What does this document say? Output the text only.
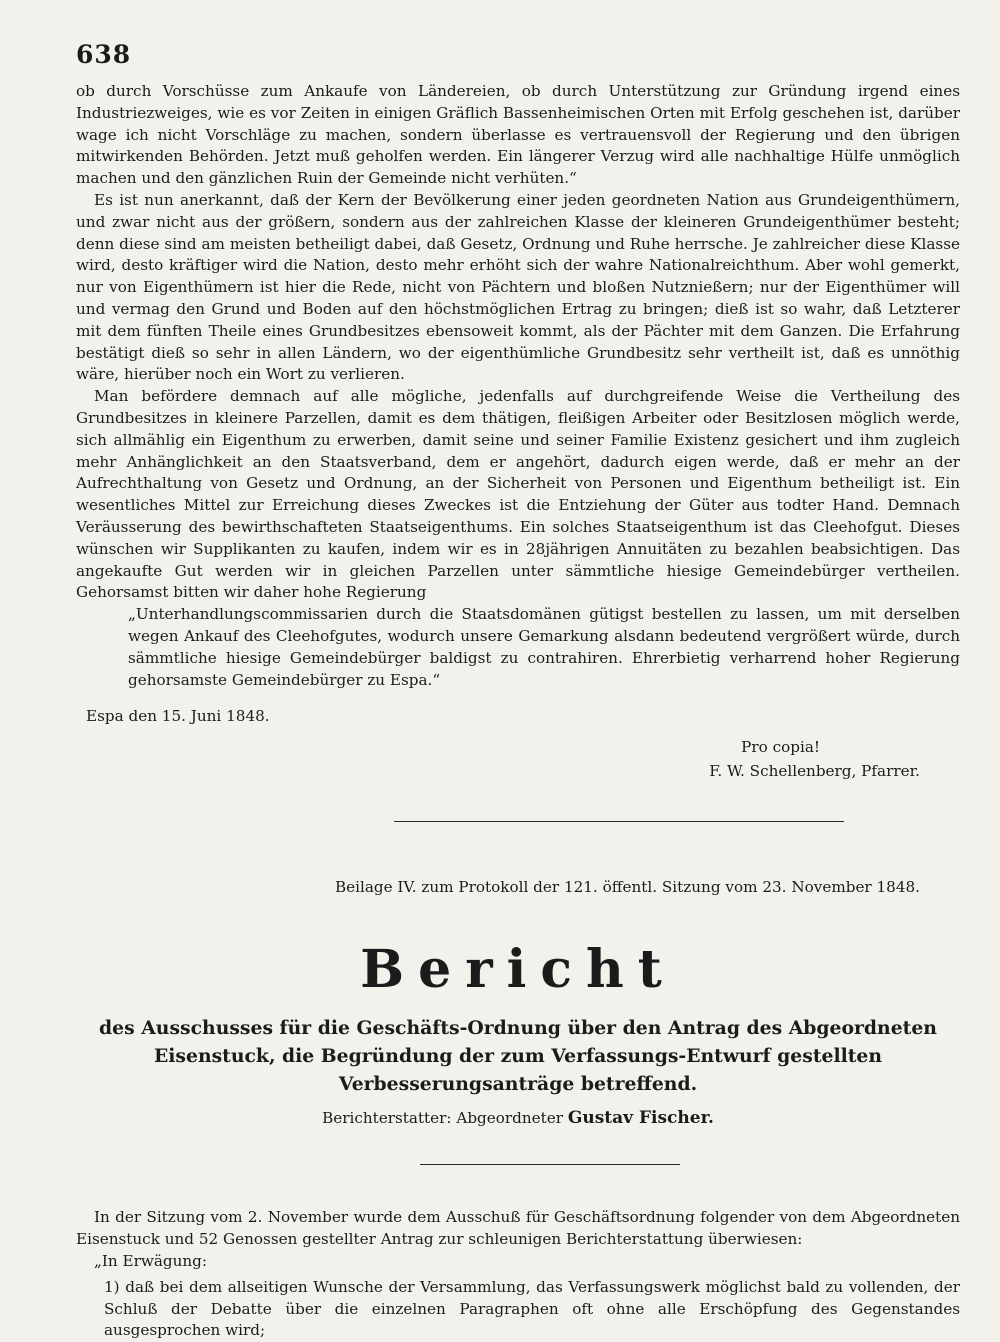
638

ob durch Vorschüsse zum Ankaufe von Ländereien, ob durch Unterstützung zur Gründung irgend eines Industriezweiges, wie es vor Zeiten in einigen Gräflich Bassenheimischen Orten mit Erfolg geschehen ist, darüber wage ich nicht Vorschläge zu machen, sondern überlasse es vertrauensvoll der Regierung und den übrigen mitwirkenden Behörden. Jetzt muß geholfen werden. Ein längerer Verzug wird alle nachhaltige Hülfe unmöglich machen und den gänzlichen Ruin der Gemeinde nicht verhüten.“

Es ist nun anerkannt, daß der Kern der Bevölkerung einer jeden geordneten Nation aus Grundeigenthümern, und zwar nicht aus der größern, sondern aus der zahlreichen Klasse der kleineren Grundeigenthümer besteht; denn diese sind am meisten betheiligt dabei, daß Gesetz, Ordnung und Ruhe herrsche. Je zahlreicher diese Klasse wird, desto kräftiger wird die Nation, desto mehr erhöht sich der wahre Nationalreichthum. Aber wohl gemerkt, nur von Eigenthümern ist hier die Rede, nicht von Pächtern und bloßen Nutznießern; nur der Eigenthümer will und vermag den Grund und Boden auf den höchstmöglichen Ertrag zu bringen; dieß ist so wahr, daß Letzterer mit dem fünften Theile eines Grundbesitzes ebensoweit kommt, als der Pächter mit dem Ganzen. Die Erfahrung bestätigt dieß so sehr in allen Ländern, wo der eigenthümliche Grundbesitz sehr vertheilt ist, daß es unnöthig wäre, hierüber noch ein Wort zu verlieren.

Man befördere demnach auf alle mögliche, jedenfalls auf durchgreifende Weise die Vertheilung des Grundbesitzes in kleinere Parzellen, damit es dem thätigen, fleißigen Arbeiter oder Besitzlosen möglich werde, sich allmählig ein Eigenthum zu erwerben, damit seine und seiner Familie Existenz gesichert und ihm zugleich mehr Anhänglichkeit an den Staatsverband, dem er angehört, dadurch eigen werde, daß er mehr an der Aufrechthaltung von Gesetz und Ordnung, an der Sicherheit von Personen und Eigenthum betheiligt ist. Ein wesentliches Mittel zur Erreichung dieses Zweckes ist die Entziehung der Güter aus todter Hand. Demnach Veräusserung des bewirthschafteten Staatseigenthums. Ein solches Staatseigenthum ist das Cleehofgut. Dieses wünschen wir Supplikanten zu kaufen, indem wir es in 28jährigen Annuitäten zu bezahlen beabsichtigen. Das angekaufte Gut werden wir in gleichen Parzellen unter sämmtliche hiesige Gemeindebürger vertheilen. Gehorsamst bitten wir daher hohe Regierung

„Unterhandlungscommissarien durch die Staatsdomänen gütigst bestellen zu lassen, um mit derselben wegen Ankauf des Cleehofgutes, wodurch unsere Gemarkung alsdann bedeutend vergrößert würde, durch sämmtliche hiesige Gemeindebürger baldigst zu contrahiren. Ehrerbietig verharrend hoher Regierung gehorsamste Gemeindebürger zu Espa.“

Espa den 15. Juni 1848.
Pro copia!
F. W. Schellenberg, Pfarrer.
Beilage IV. zum Protokoll der 121. öffentl. Sitzung vom 23. November 1848.
Bericht
des Ausschusses für die Geschäfts-Ordnung über den Antrag des Abgeordneten Eisenstuck, die Begründung der zum Verfassungs-Entwurf gestellten Verbesserungsanträge betreffend.
Berichterstatter: Abgeordneter Gustav Fischer.

In der Sitzung vom 2. November wurde dem Ausschuß für Geschäftsordnung folgender von dem Abgeordneten Eisenstuck und 52 Genossen gestellter Antrag zur schleunigen Berichterstattung überwiesen:

„In Erwägung:

1) daß bei dem allseitigen Wunsche der Versammlung, das Verfassungswerk möglichst bald zu vollenden, der Schluß der Debatte über die einzelnen Paragraphen oft ohne alle Erschöpfung des Gegenstandes ausgesprochen wird;
